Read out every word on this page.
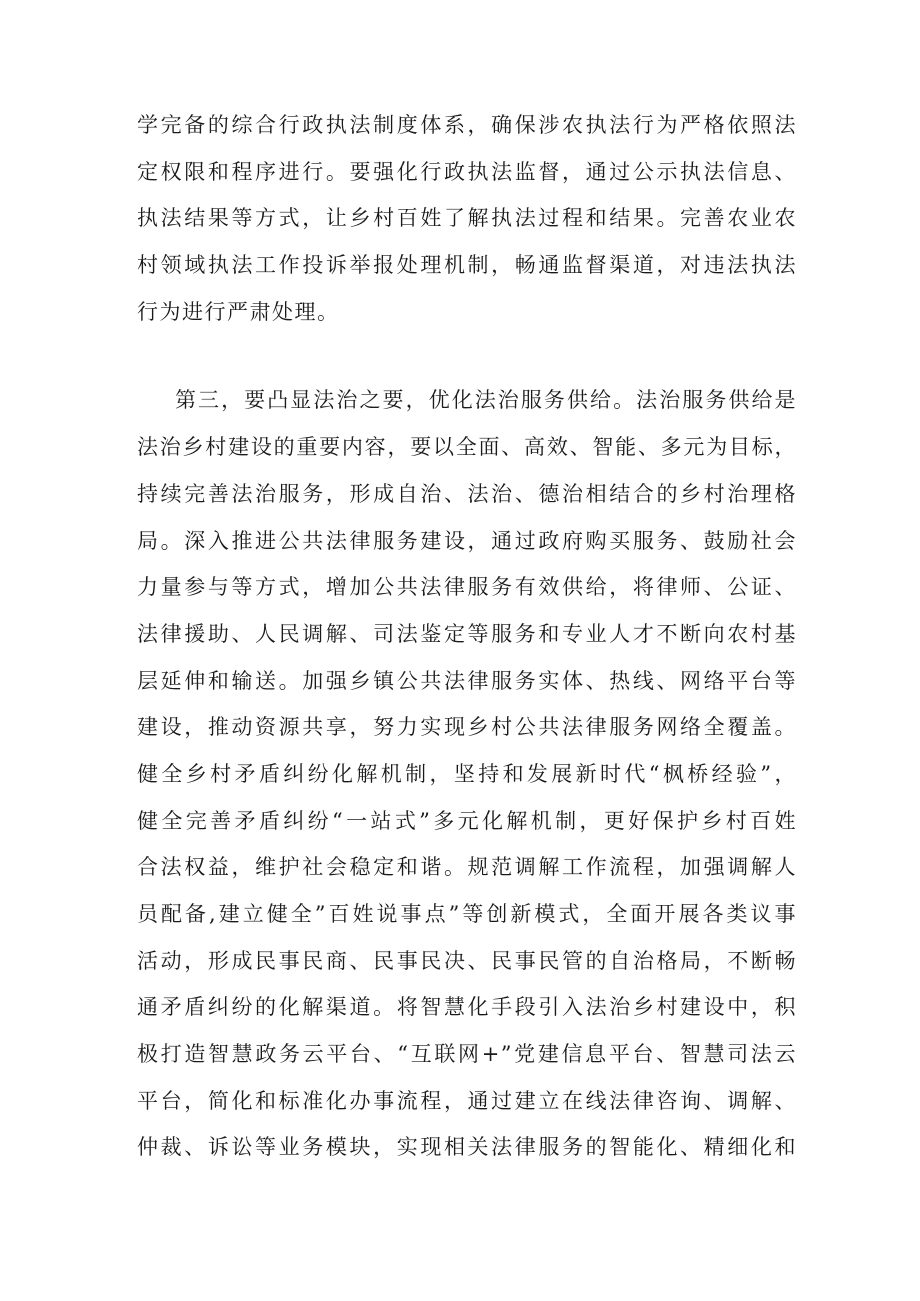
学完备的综合行政执法制度体系，确保涉农执法行为严格依照法
定权限和程序进行。要强化行政执法监督，通过公示执法信息、
执法结果等方式，让乡村百姓了解执法过程和结果。完善农业农
村领域执法工作投诉举报处理机制，畅通监督渠道，对违法执法
行为进行严肃处理。
第三，要凸显法治之要，优化法治服务供给。法治服务供给是
法治乡村建设的重要内容，要以全面、高效、智能、多元为目标，
持续完善法治服务，形成自治、法治、德治相结合的乡村治理格
局。深入推进公共法律服务建设，通过政府购买服务、鼓励社会
力量参与等方式，增加公共法律服务有效供给，将律师、公证、
法律援助、人民调解、司法鉴定等服务和专业人才不断向农村基
层延伸和输送。加强乡镇公共法律服务实体、热线、网络平台等
建设，推动资源共享，努力实现乡村公共法律服务网络全覆盖。
健全乡村矛盾纠纷化解机制，坚持和发展新时代“枫桥经验”，
健全完善矛盾纠纷“一站式”多元化解机制，更好保护乡村百姓
合法权益，维护社会稳定和谐。规范调解工作流程，加强调解人
员配备,建立健全”百姓说事点”等创新模式，全面开展各类议事
活动，形成民事民商、民事民决、民事民管的自治格局，不断畅
通矛盾纠纷的化解渠道。将智慧化手段引入法治乡村建设中，积
极打造智慧政务云平台、“互联网+”党建信息平台、智慧司法云
平台，简化和标准化办事流程，通过建立在线法律咨询、调解、
仲裁、诉讼等业务模块，实现相关法律服务的智能化、精细化和
